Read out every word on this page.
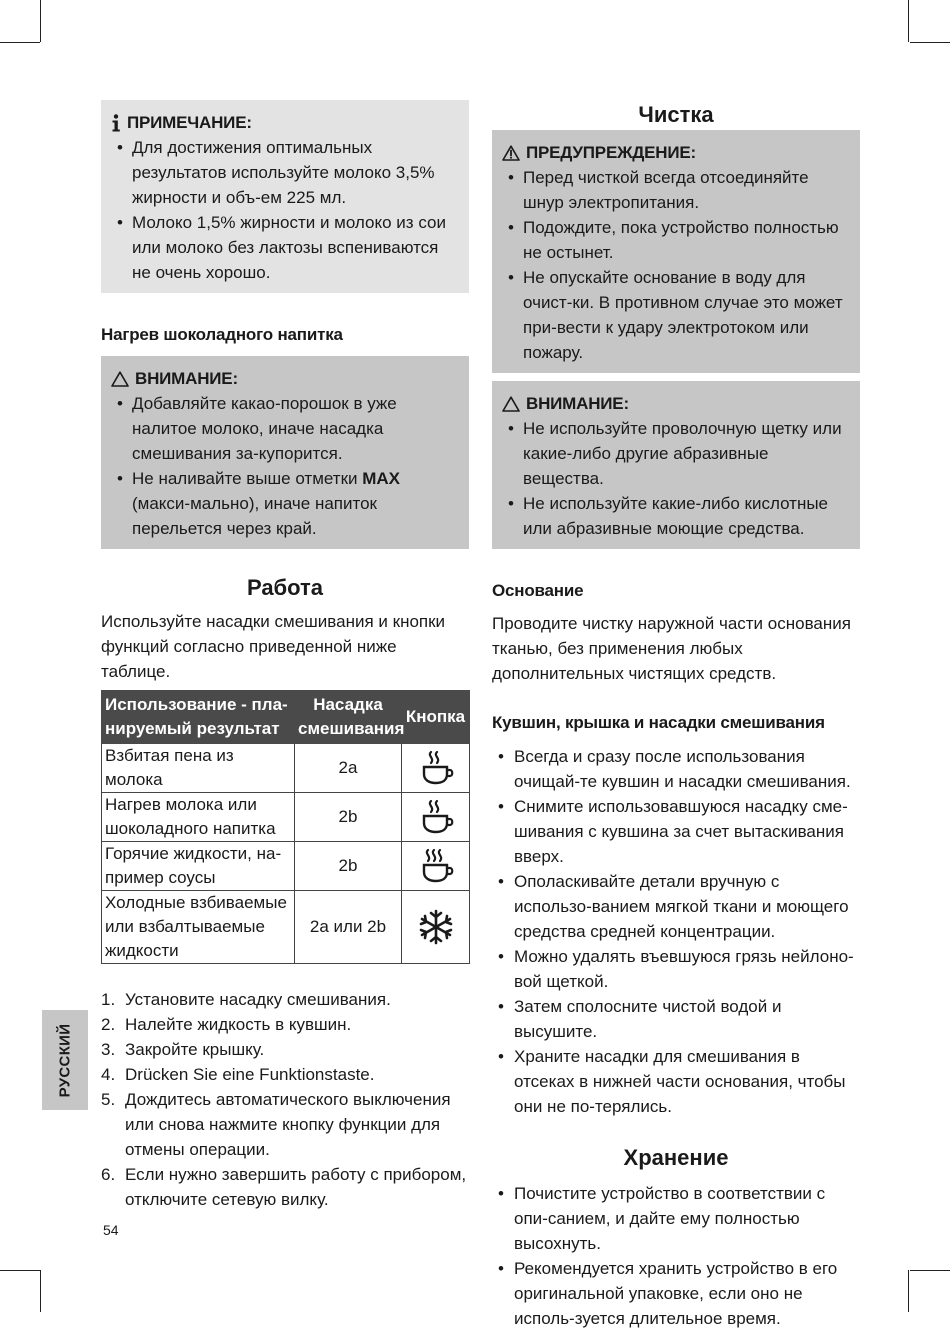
ПРИМЕЧАНИЕ:
• Для достижения оптимальных результатов используйте молоко 3,5% жирности и объ-ем 225 мл.
• Молоко 1,5% жирности и молоко из сои или молоко без лактозы вспениваются не очень хорошо.
Нагрев шоколадного напитка
ВНИМАНИЕ:
• Добавляйте какао-порошок в уже налитое молоко, иначе насадка смешивания за-купорится.
• Не наливайте выше отметки MAX (макси-мально), иначе напиток перельется через край.
Работа
Используйте насадки смешивания и кнопки функций согласно приведенной ниже таблице.
Использование - пла-нируемый результат	Насадка смешивания	Кнопка
Взбитая пена из молока	2a	

Нагрев молока или шоколадного напитка	2b	

Горячие жидкости, на-пример соусы	2b	

Холодные взбиваемые или взбалтываемые жидкости	2a или 2b	
1. Установите насадку смешивания.
2. Налейте жидкость в кувшин.
3. Закройте крышку.
4. Drücken Sie eine Funktionstaste.
5. Дождитесь автоматического выключения или снова нажмите кнопку функции для отмены операции.
6. Если нужно завершить работу с прибором, отключите сетевую вилку.
Чистка
ПРЕДУПРЕЖДЕНИЕ:
• Перед чисткой всегда отсоединяйте шнур электропитания.
• Подождите, пока устройство полностью не остынет.
• Не опускайте основание в воду для очист-ки. В противном случае это может при-вести к удару электротоком или пожару.
ВНИМАНИЕ:
• Не используйте проволочную щетку или какие-либо другие абразивные вещества.
• Не используйте какие-либо кислотные или абразивные моющие средства.
Основание
Проводите чистку наружной части основания тканью, без применения любых дополнительных чистящих средств.
Кувшин, крышка и насадки смешивания
• Всегда и сразу после использования очищай-те кувшин и насадки смешивания.
• Снимите использовавшуюся насадку сме-шивания с кувшина за счет вытаскивания вверх.
• Ополаскивайте детали вручную с использо-ванием мягкой ткани и моющего средства средней концентрации.
• Можно удалять въевшуюся грязь нейлоно-вой щеткой.
• Затем сполосните чистой водой и высушите.
• Храните насадки для смешивания в отсеках в нижней части основания, чтобы они не по-терялись.
Хранение
• Почистите устройство в соответствии с опи-санием, и дайте ему полностью высохнуть.
• Рекомендуется хранить устройство в его оригинальной упаковке, если оно не исполь-зуется длительное время.
РУССКИЙ
54
